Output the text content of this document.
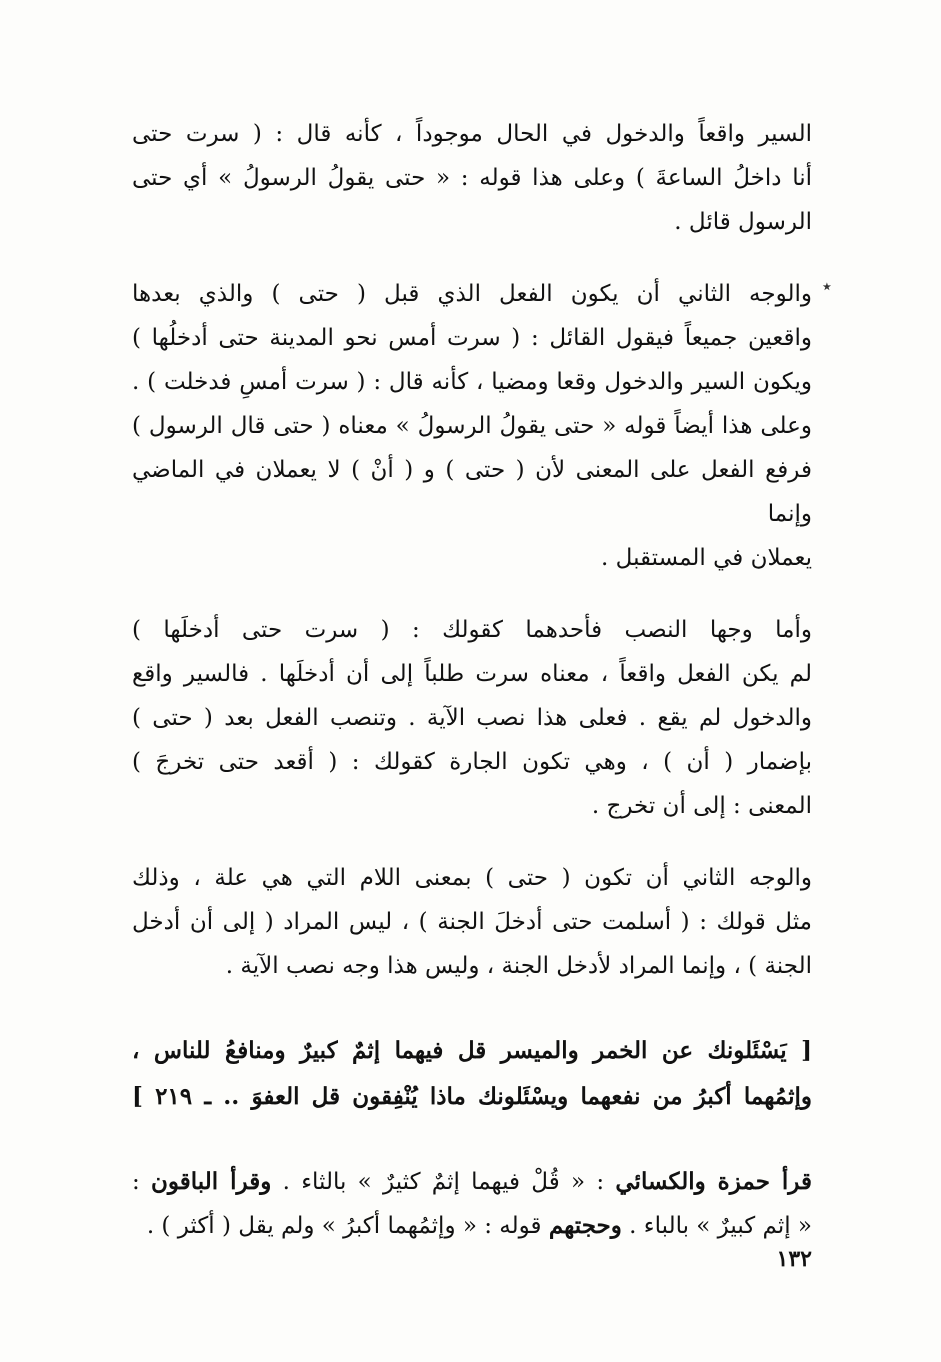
٭
السير واقعاً والدخول في الحال موجوداً ، كأنه قال : ( سرت حتى
أنا داخلُ الساعةَ ) وعلى هذا قوله : « حتى يقولُ الرسولُ » أي حتى
الرسول قائل .
والوجه الثاني أن يكون الفعل الذي قبل ( حتى ) والذي بعدها
واقعين جميعاً فيقول القائل : ( سرت أمس نحو المدينة حتى أدخلُها )
ويكون السير والدخول وقعا ومضيا ، كأنه قال : ( سرت أمسِ فدخلت ) .
وعلى هذا أيضاً قوله « حتى يقولُ الرسولُ » معناه ( حتى قال الرسول )
فرفع الفعل على المعنى لأن ( حتى ) و ( أنْ ) لا يعملان في الماضي وإنما
يعملان في المستقبل .
وأما وجها النصب فأحدهما كقولك : ( سرت حتى أدخلَها )
لم يكن الفعل واقعاً ، معناه سرت طلباً إلى أن أدخلَها . فالسير واقع
والدخول لم يقع . فعلى هذا نصب الآية . وتنصب الفعل بعد ( حتى )
بإضمار ( أن ) ، وهي تكون الجارة كقولك : ( أقعد حتى تخرجَ )
المعنى : إلى أن تخرج .
والوجه الثاني أن تكون ( حتى ) بمعنى اللام التي هي علة ، وذلك
مثل قولك : ( أسلمت حتى أدخلَ الجنة ) ، ليس المراد ( إلى أن أدخل
الجنة ) ، وإنما المراد لأدخل الجنة ، وليس هذا وجه نصب الآية .
[ يَسْئَلونك عن الخمر والميسر قل فيهما إثمٌ كبيرٌ ومنافعُ للناس ،
وإثمُهما أكبرُ من نفعهما ويسْئَلونك ماذا يُنْفِقون قل العفوَ .. ـ ٢١٩ ]
قرأ حمزة والكسائي : « قُلْ فيهما إثمٌ كثيرٌ » بالثاء . وقرأ الباقون :
« إثم كبيرٌ » بالباء . وحجتهم قوله : « وإثمُهما أكبرُ » ولم يقل ( أكثر ) .
١٣٢
